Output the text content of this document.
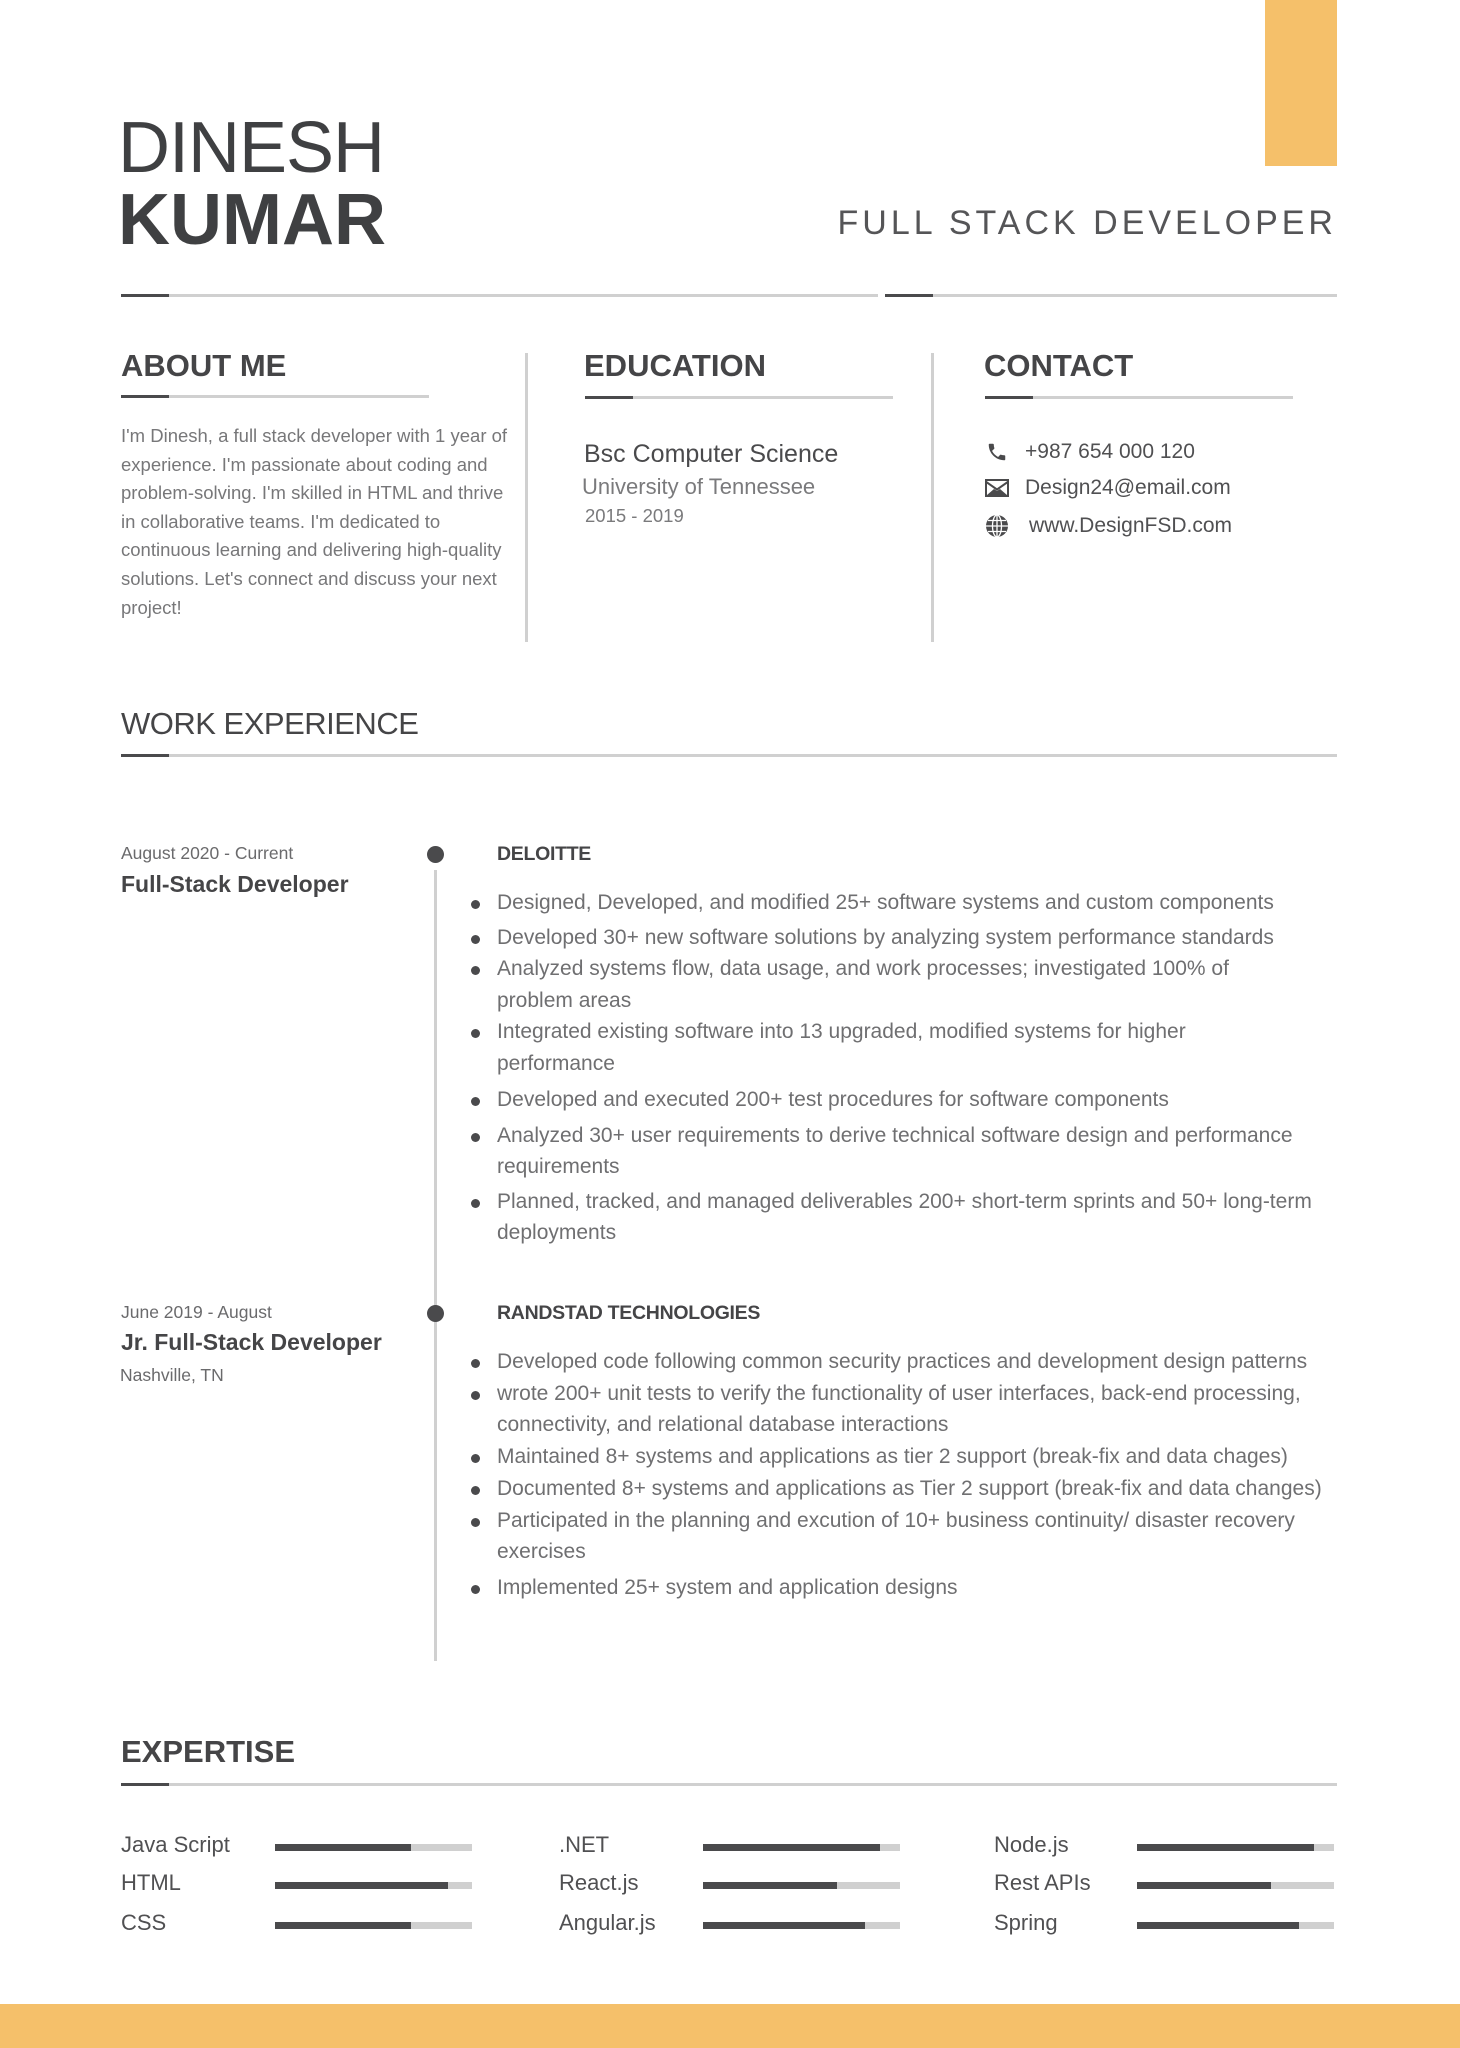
DINESH
KUMAR	FULL STACK DEVELOPER
ABOUT ME
I'm Dinesh, a full stack developer with 1 year of experience. I'm passionate about coding and problem-solving. I'm skilled in HTML and thrive in collaborative teams. I'm dedicated to continuous learning and delivering high-quality solutions. Let's connect and discuss your next project!
EDUCATION
Bsc Computer Science
University of Tennessee
2015 - 2019
CONTACT
+987 654 000 120
Design24@email.com
www.DesignFSD.com
WORK EXPERIENCE
August 2020 - Current
Full-Stack Developer
DELOITTE
Designed, Developed, and modified 25+ software systems and custom components
Developed 30+ new software solutions by analyzing system performance standards
Analyzed systems flow, data usage, and work processes; investigated 100% of problem areas
Integrated existing software into 13 upgraded, modified systems for higher performance
Developed and executed 200+ test procedures for software components
Analyzed 30+ user requirements to derive technical software design and performance requirements
Planned, tracked, and managed deliverables 200+ short-term sprints and 50+ long-term deployments
June 2019 - August
Jr. Full-Stack Developer
Nashville, TN
RANDSTAD TECHNOLOGIES
Developed code following common security practices and development design patterns
wrote 200+ unit tests to verify the functionality of user interfaces, back-end processing, connectivity, and relational database interactions
Maintained 8+ systems and applications as tier 2 support (break-fix and data chages)
Documented 8+ systems and applications as Tier 2 support (break-fix and data changes)
Participated in the planning and excution of 10+ business continuity/ disaster recovery exercises
Implemented 25+ system and application designs
EXPERTISE
Java Script
HTML
CSS
.NET
React.js
Angular.js
Node.js
Rest APIs
Spring
